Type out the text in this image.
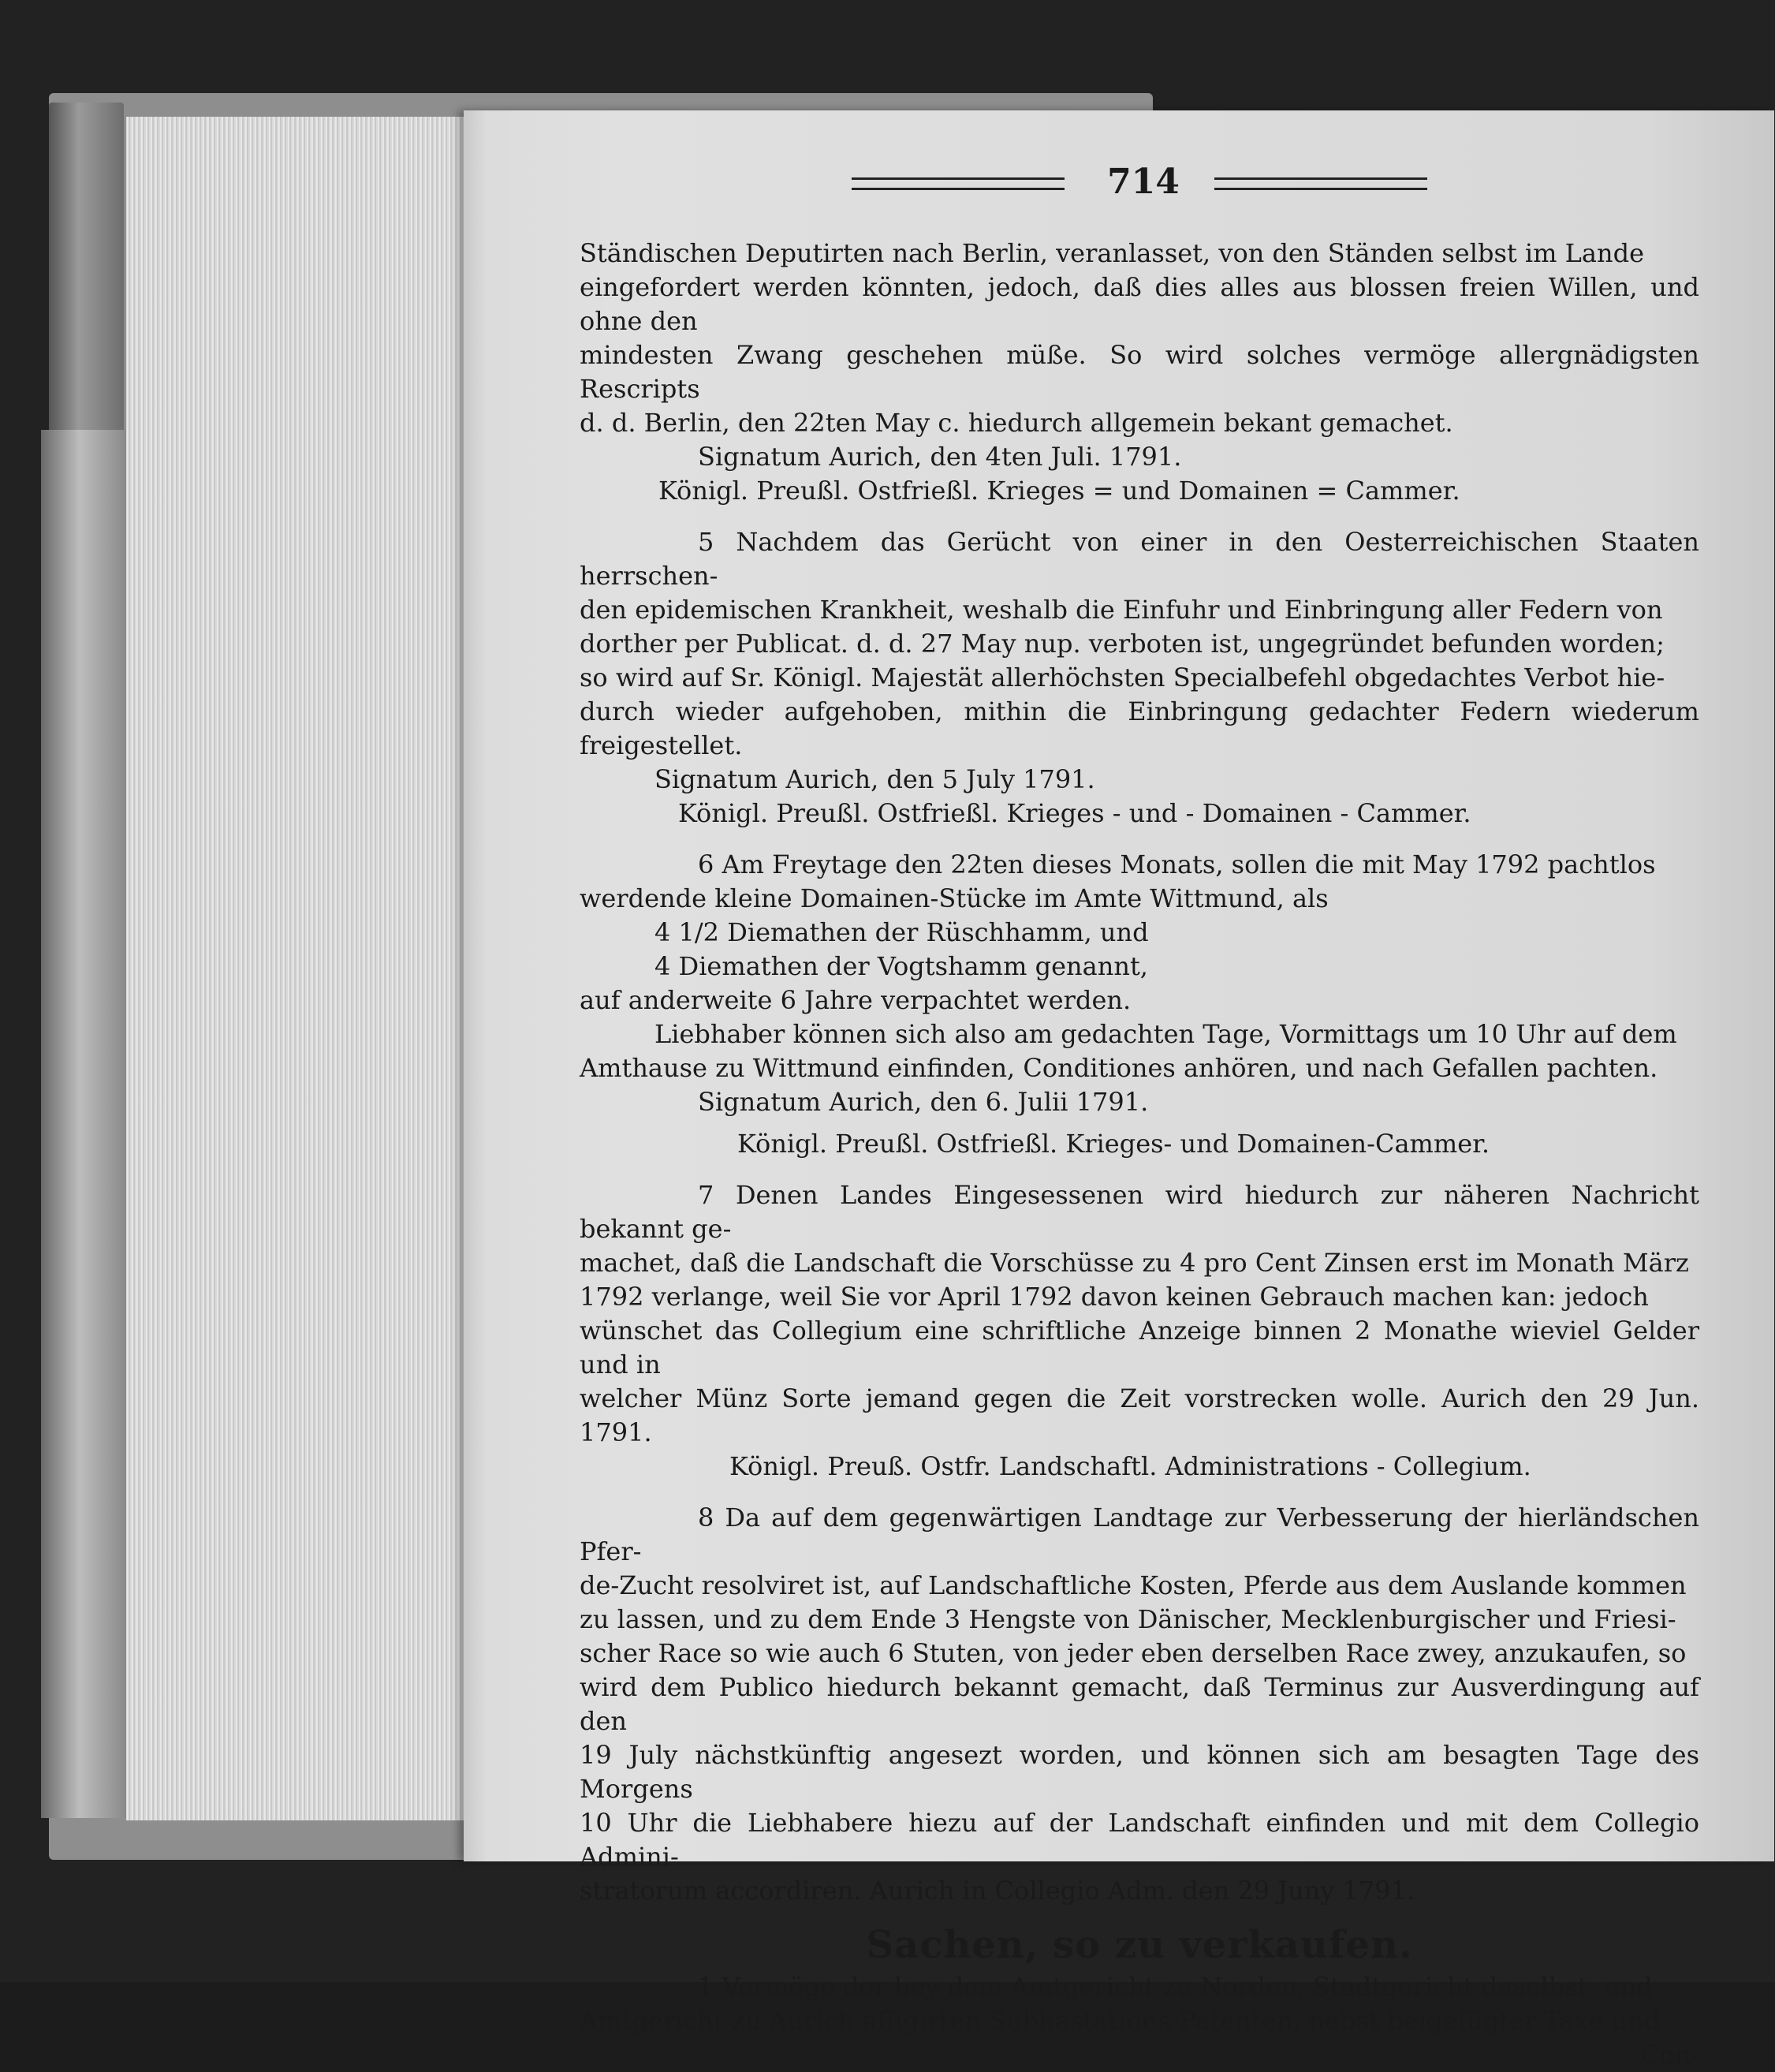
714

Ständischen Deputirten nach Berlin, veranlasset, von den Ständen selbst im Lande

eingefordert werden könnten, jedoch, daß dies alles aus blossen freien Willen, und ohne den

mindesten Zwang geschehen müße. So wird solches vermöge allergnädigsten Rescripts

d. d. Berlin, den 22ten May c. hiedurch allgemein bekant gemachet.

Signatum Aurich, den 4ten Juli. 1791.

Königl. Preußl. Ostfrießl. Krieges = und Domainen = Cammer.

5 Nachdem das Gerücht von einer in den Oesterreichischen Staaten herrschen-

den epidemischen Krankheit, weshalb die Einfuhr und Einbringung aller Federn von

dorther per Publicat. d. d. 27 May nup. verboten ist, ungegründet befunden worden;

so wird auf Sr. Königl. Majestät allerhöchsten Specialbefehl obgedachtes Verbot hie-

durch wieder aufgehoben, mithin die Einbringung gedachter Federn wiederum freigestellet.

Signatum Aurich, den 5 July 1791.

Königl. Preußl. Ostfrießl. Krieges - und - Domainen - Cammer.

6 Am Freytage den 22ten dieses Monats, sollen die mit May 1792 pachtlos

werdende kleine Domainen-Stücke im Amte Wittmund, als

4 1/2 Diemathen der Rüschhamm, und

4 Diemathen der Vogtshamm genannt,

auf anderweite 6 Jahre verpachtet werden.

Liebhaber können sich also am gedachten Tage, Vormittags um 10 Uhr auf dem

Amthause zu Wittmund einfinden, Conditiones anhören, und nach Gefallen pachten.

Signatum Aurich, den 6. Julii 1791.

Königl. Preußl. Ostfrießl. Krieges- und Domainen-Cammer.

7 Denen Landes Eingesessenen wird hiedurch zur näheren Nachricht bekannt ge-

machet, daß die Landschaft die Vorschüsse zu 4 pro Cent Zinsen erst im Monath März

1792 verlange, weil Sie vor April 1792 davon keinen Gebrauch machen kan: jedoch

wünschet das Collegium eine schriftliche Anzeige binnen 2 Monathe wieviel Gelder und in

welcher Münz Sorte jemand gegen die Zeit vorstrecken wolle. Aurich den 29 Jun. 1791.

Königl. Preuß. Ostfr. Landschaftl. Administrations - Collegium.

8 Da auf dem gegenwärtigen Landtage zur Verbesserung der hierländschen Pfer-

de-Zucht resolviret ist, auf Landschaftliche Kosten, Pferde aus dem Auslande kommen

zu lassen, und zu dem Ende 3 Hengste von Dänischer, Mecklenburgischer und Friesi-

scher Race so wie auch 6 Stuten, von jeder eben derselben Race zwey, anzukaufen, so

wird dem Publico hiedurch bekannt gemacht, daß Terminus zur Ausverdingung auf den

19 July nächstkünftig angesezt worden, und können sich am besagten Tage des Morgens

10 Uhr die Liebhabere hiezu auf der Landschaft einfinden und mit dem Collegio Admini-

stratorum accordiren. Aurich in Collegio Adm. den 29 Juny 1791.

Sachen, so zu verkaufen.

1 Vermöge der bey dem Amtgericht zu Norden, Stadtgericht daselbst, und

Amtgericht zu Aurich affigirten Subhastations-Patenten, nebst beigefügter Taxe und

Con-
